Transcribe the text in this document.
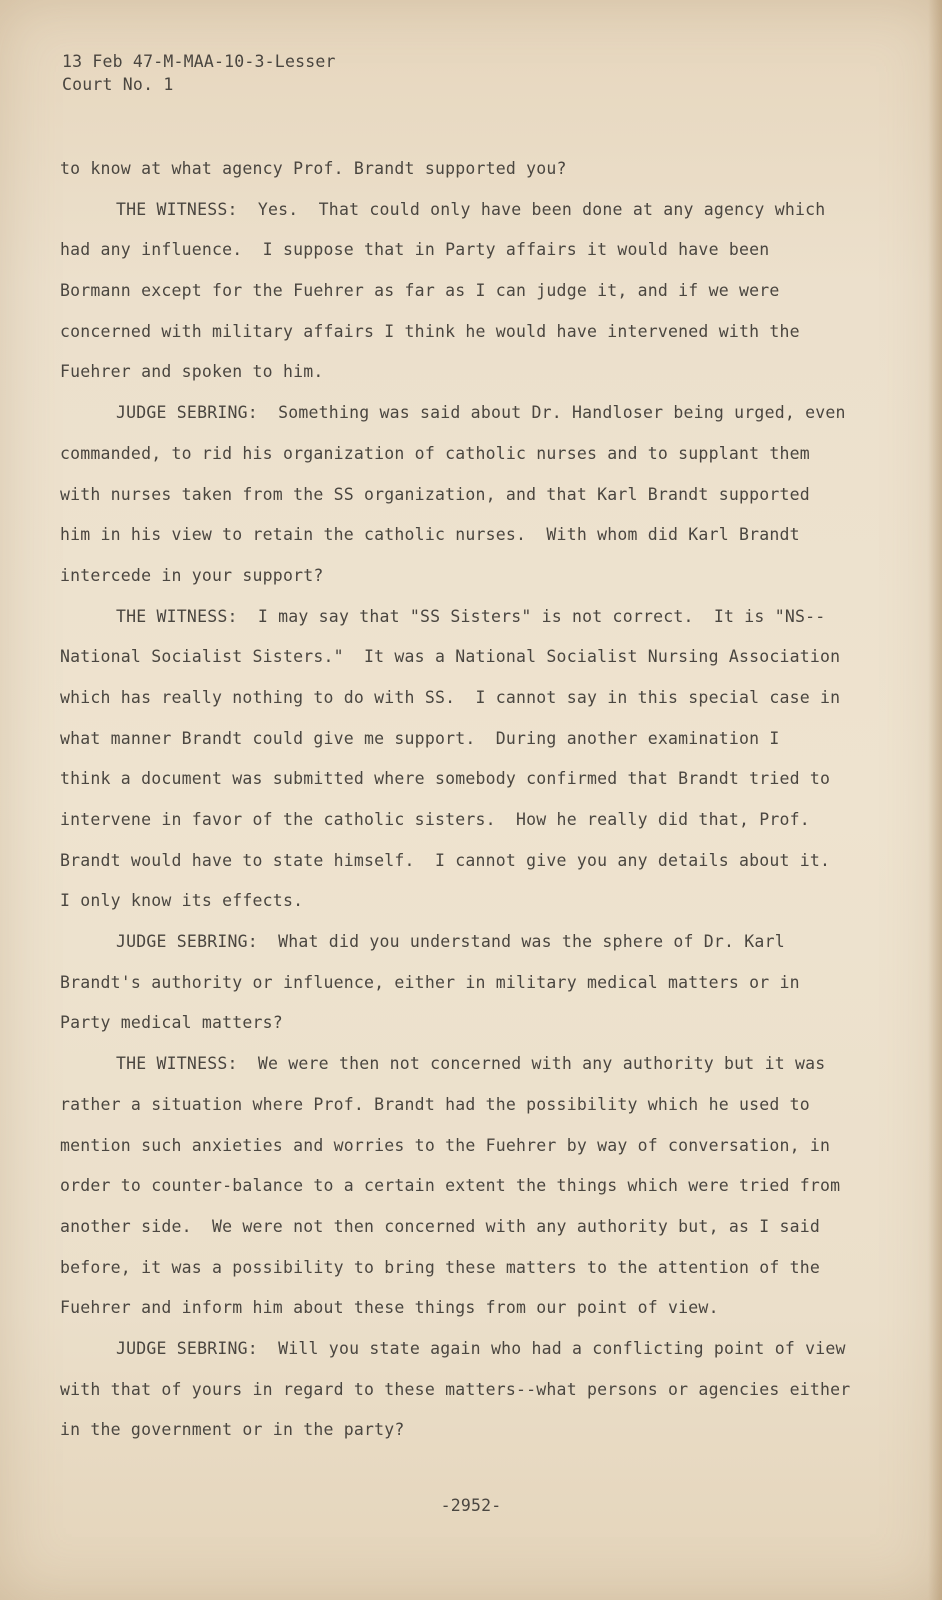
13 Feb 47-M-MAA-10-3-Lesser
Court No. 1
to know at what agency Prof. Brandt supported you?
THE WITNESS:  Yes.  That could only have been done at any agency which
had any influence.  I suppose that in Party affairs it would have been
Bormann except for the Fuehrer as far as I can judge it, and if we were
concerned with military affairs I think he would have intervened with the
Fuehrer and spoken to him.
JUDGE SEBRING:  Something was said about Dr. Handloser being urged, even
commanded, to rid his organization of catholic nurses and to supplant them
with nurses taken from the SS organization, and that Karl Brandt supported
him in his view to retain the catholic nurses.  With whom did Karl Brandt
intercede in your support?
THE WITNESS:  I may say that "SS Sisters" is not correct.  It is "NS--
National Socialist Sisters."  It was a National Socialist Nursing Association
which has really nothing to do with SS.  I cannot say in this special case in
what manner Brandt could give me support.  During another examination I
think a document was submitted where somebody confirmed that Brandt tried to
intervene in favor of the catholic sisters.  How he really did that, Prof.
Brandt would have to state himself.  I cannot give you any details about it.
I only know its effects.
JUDGE SEBRING:  What did you understand was the sphere of Dr. Karl
Brandt's authority or influence, either in military medical matters or in
Party medical matters?
THE WITNESS:  We were then not concerned with any authority but it was
rather a situation where Prof. Brandt had the possibility which he used to
mention such anxieties and worries to the Fuehrer by way of conversation, in
order to counter-balance to a certain extent the things which were tried from
another side.  We were not then concerned with any authority but, as I said
before, it was a possibility to bring these matters to the attention of the
Fuehrer and inform him about these things from our point of view.
JUDGE SEBRING:  Will you state again who had a conflicting point of view
with that of yours in regard to these matters--what persons or agencies either
in the government or in the party?
-2952-
